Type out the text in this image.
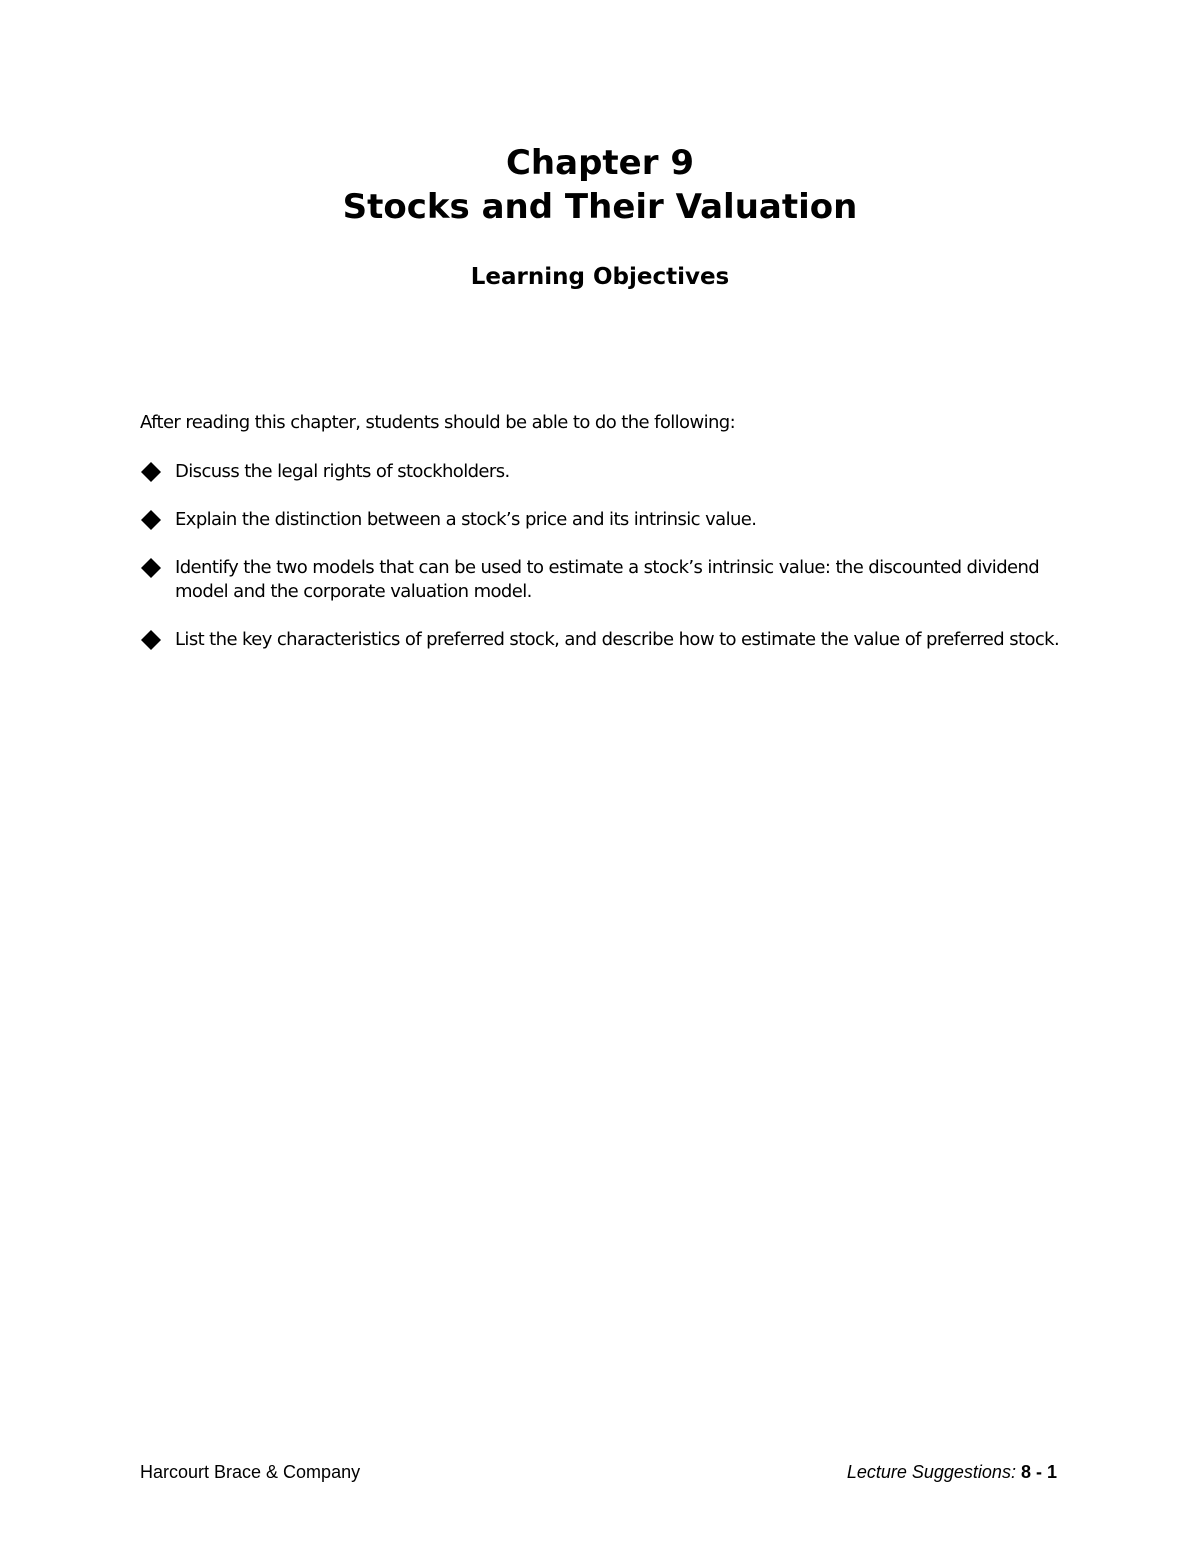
Chapter 9
Stocks and Their Valuation
Learning Objectives

After reading this chapter, students should be able to do the following:

Discuss the legal rights of stockholders.
Explain the distinction between a stock’s price and its intrinsic value.
Identify the two models that can be used to estimate a stock’s intrinsic value: the discounted dividend model and the corporate valuation model.
List the key characteristics of preferred stock, and describe how to estimate the value of preferred stock.
Harcourt Brace & Company	Lecture Suggestions: 8 - 1
